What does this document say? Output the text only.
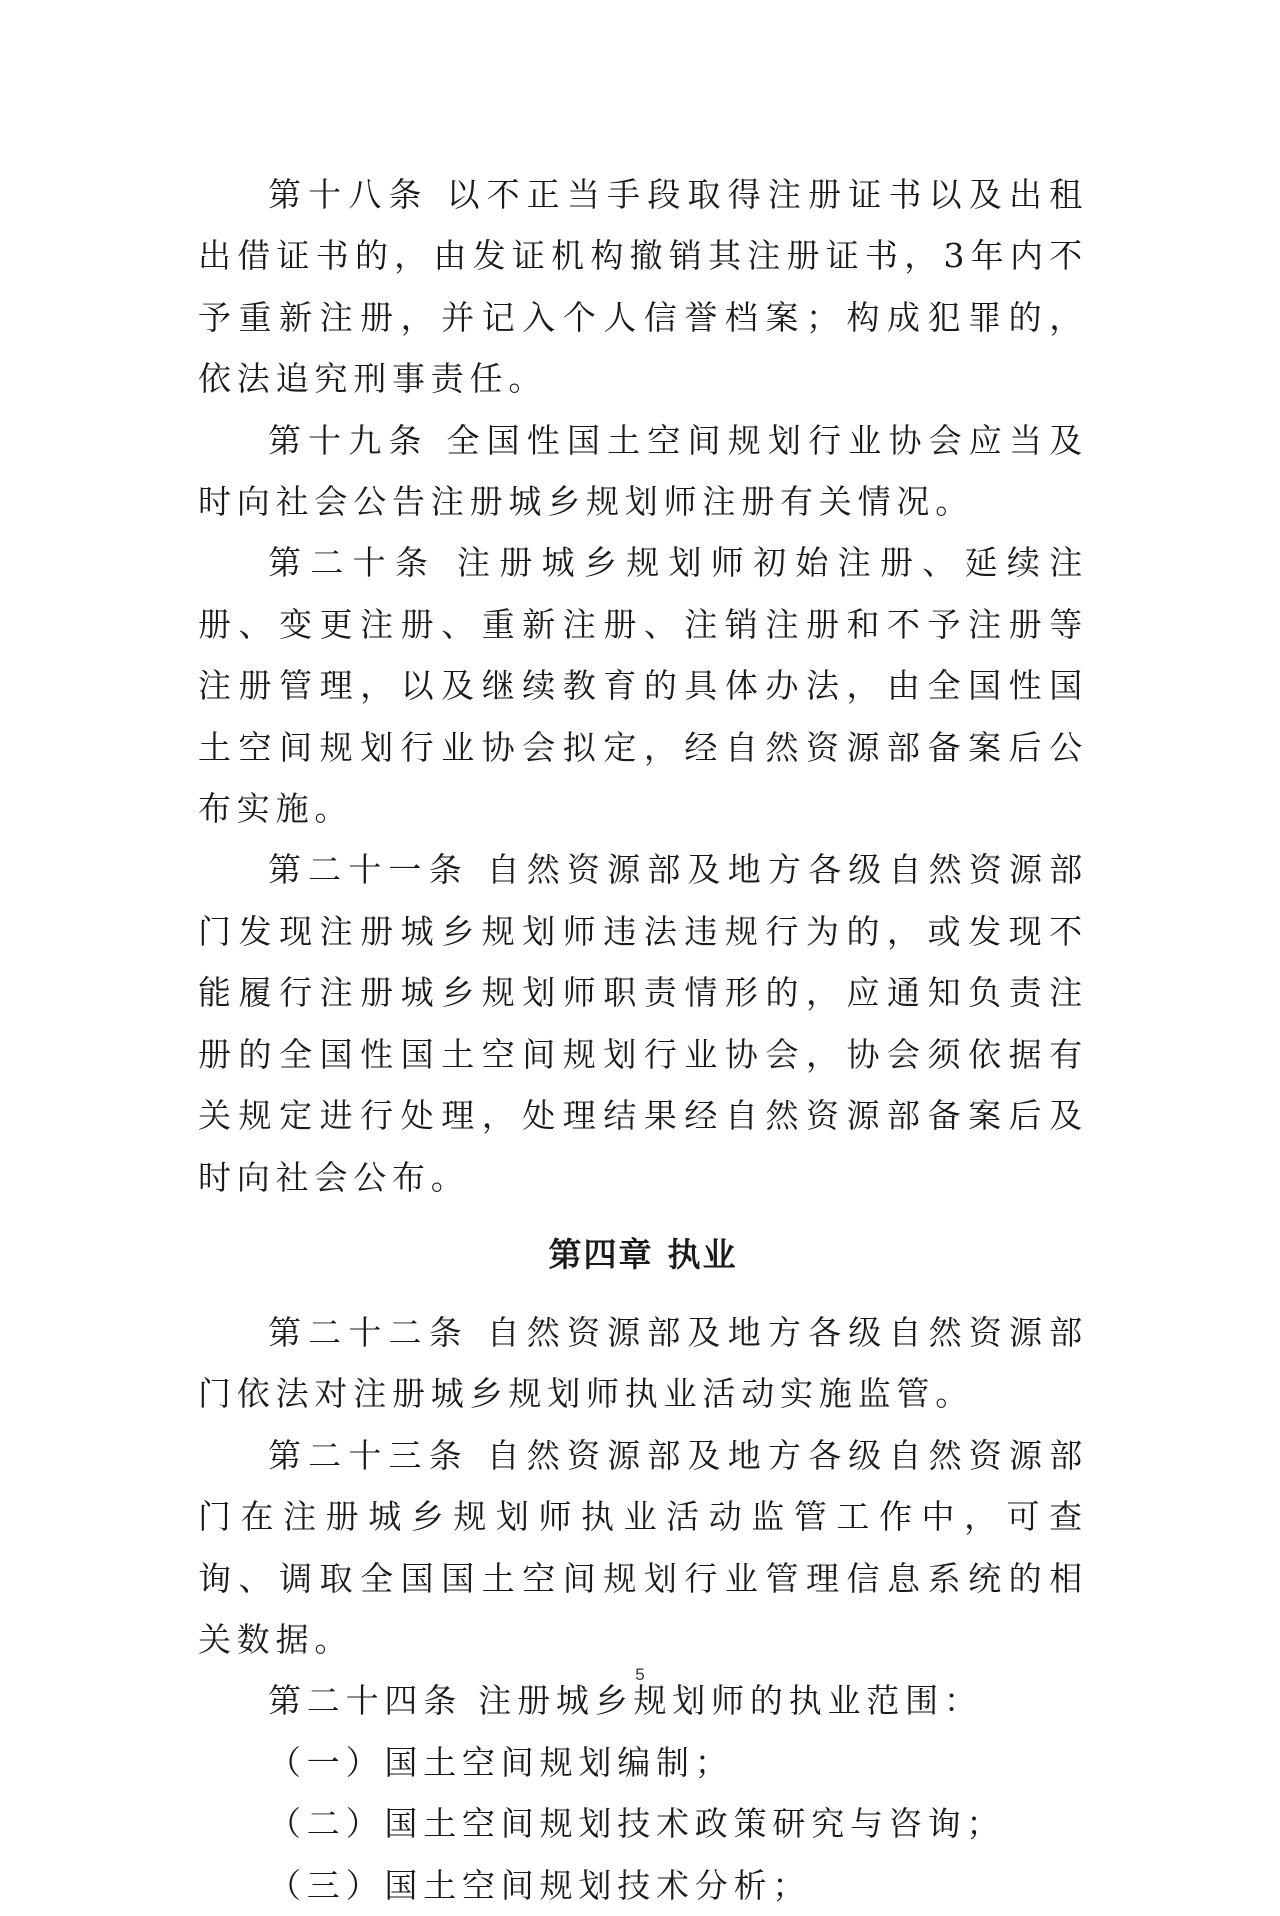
第十八条 以不正当手段取得注册证书以及出租出借证书的，由发证机构撤销其注册证书，3年内不予重新注册，并记入个人信誉档案；构成犯罪的，依法追究刑事责任。

第十九条 全国性国土空间规划行业协会应当及时向社会公告注册城乡规划师注册有关情况。

第二十条 注册城乡规划师初始注册、延续注册、变更注册、重新注册、注销注册和不予注册等注册管理，以及继续教育的具体办法，由全国性国土空间规划行业协会拟定，经自然资源部备案后公布实施。

第二十一条 自然资源部及地方各级自然资源部门发现注册城乡规划师违法违规行为的，或发现不能履行注册城乡规划师职责情形的，应通知负责注册的全国性国土空间规划行业协会，协会须依据有关规定进行处理，处理结果经自然资源部备案后及时向社会公布。

第四章 执业

第二十二条 自然资源部及地方各级自然资源部门依法对注册城乡规划师执业活动实施监管。

第二十三条 自然资源部及地方各级自然资源部门在注册城乡规划师执业活动监管工作中，可查询、调取全国国土空间规划行业管理信息系统的相关数据。

第二十四条 注册城乡规划师的执业范围：

（一）国土空间规划编制；

（二）国土空间规划技术政策研究与咨询；

（三）国土空间规划技术分析；

5
